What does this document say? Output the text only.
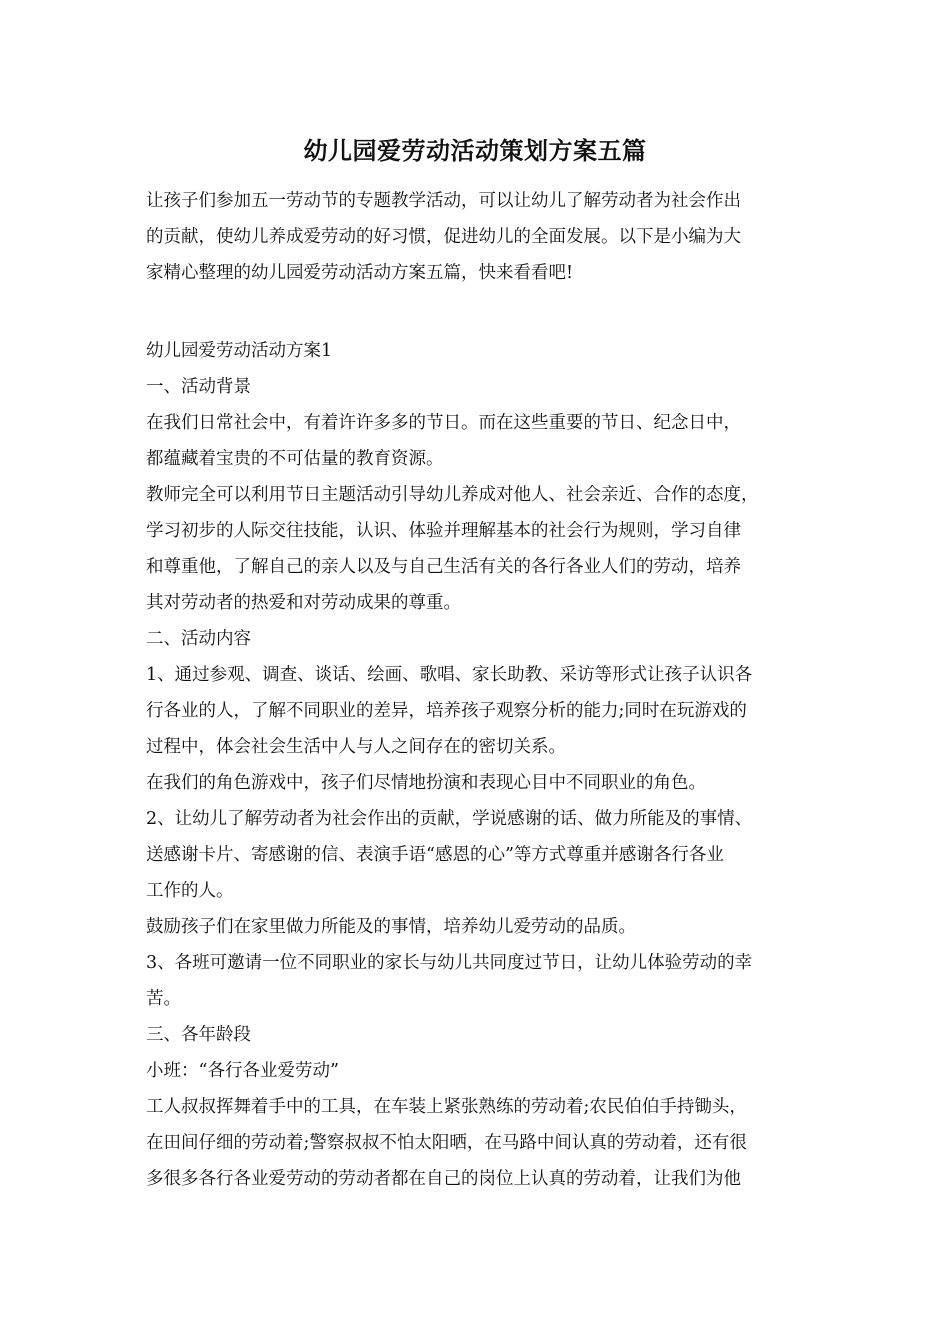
幼儿园爱劳动活动策划方案五篇

让孩子们参加五一劳动节的专题教学活动，可以让幼儿了解劳动者为社会作出

的贡献，使幼儿养成爱劳动的好习惯，促进幼儿的全面发展。以下是小编为大

家精心整理的幼儿园爱劳动活动方案五篇，快来看看吧!

幼儿园爱劳动活动方案1

一、活动背景

在我们日常社会中，有着许许多多的节日。而在这些重要的节日、纪念日中，

都蕴藏着宝贵的不可估量的教育资源。

教师完全可以利用节日主题活动引导幼儿养成对他人、社会亲近、合作的态度，

学习初步的人际交往技能，认识、体验并理解基本的社会行为规则，学习自律

和尊重他，了解自己的亲人以及与自己生活有关的各行各业人们的劳动，培养

其对劳动者的热爱和对劳动成果的尊重。

二、活动内容

1、通过参观、调查、谈话、绘画、歌唱、家长助教、采访等形式让孩子认识各

行各业的人，了解不同职业的差异，培养孩子观察分析的能力;同时在玩游戏的

过程中，体会社会生活中人与人之间存在的密切关系。

在我们的角色游戏中，孩子们尽情地扮演和表现心目中不同职业的角色。

2、让幼儿了解劳动者为社会作出的贡献，学说感谢的话、做力所能及的事情、

送感谢卡片、寄感谢的信、表演手语“感恩的心”等方式尊重并感谢各行各业

工作的人。

鼓励孩子们在家里做力所能及的事情，培养幼儿爱劳动的品质。

3、各班可邀请一位不同职业的家长与幼儿共同度过节日，让幼儿体验劳动的幸

苦。

三、各年龄段

小班：“各行各业爱劳动”

工人叔叔挥舞着手中的工具，在车装上紧张熟练的劳动着;农民伯伯手持锄头，

在田间仔细的劳动着;警察叔叔不怕太阳晒，在马路中间认真的劳动着，还有很

多很多各行各业爱劳动的劳动者都在自己的岗位上认真的劳动着，让我们为他
